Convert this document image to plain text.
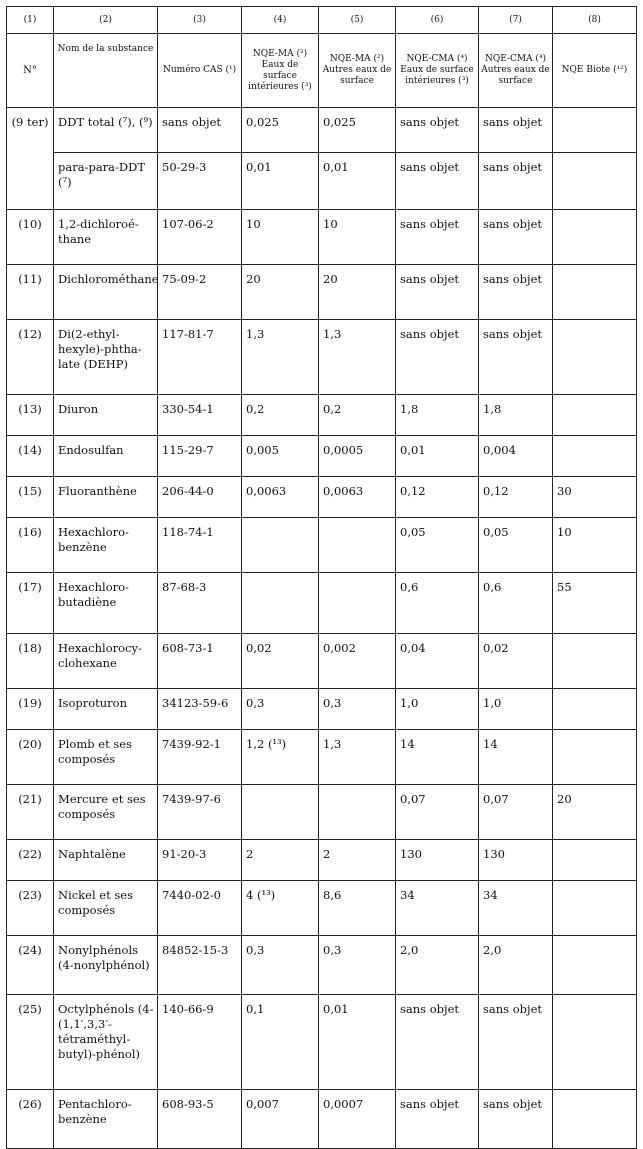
(1)	(2)	(3)	(4)	(5)	(6)	(7)	(8)
N°	Nom de la substance	Numéro CAS (¹)	NQE-MA (²) Eaux de surface intérieures (³)	NQE-MA (²) Autres eaux de surface	NQE-CMA (⁴) Eaux de surface intérieures (³)	NQE-CMA (⁴) Autres eaux de surface	NQE Biote (¹²)
(9 ter)	DDT total (⁷), (⁹)	sans objet	0,025	0,025	sans objet	sans objet	
	para-para-DDT (⁷)	50-29-3	0,01	0,01	sans objet	sans objet	
(10)	1,2-dichloroé-thane	107-06-2	10	10	sans objet	sans objet	
(11)	Dichlorométhane	75-09-2	20	20	sans objet	sans objet	
(12)	Di(2-ethyl-hexyle)-phtha-late (DEHP)	117-81-7	1,3	1,3	sans objet	sans objet	
(13)	Diuron	330-54-1	0,2	0,2	1,8	1,8	
(14)	Endosulfan	115-29-7	0,005	0,0005	0,01	0,004	
(15)	Fluoranthène	206-44-0	0,0063	0,0063	0,12	0,12	30
(16)	Hexachloro-benzène	118-74-1			0,05	0,05	10
(17)	Hexachloro-butadiène	87-68-3			0,6	0,6	55
(18)	Hexachlorocy-clohexane	608-73-1	0,02	0,002	0,04	0,02	
(19)	Isoproturon	34123-59-6	0,3	0,3	1,0	1,0	
(20)	Plomb et ses composés	7439-92-1	1,2 (¹³)	1,3	14	14	
(21)	Mercure et ses composés	7439-97-6			0,07	0,07	20
(22)	Naphtalène	91-20-3	2	2	130	130	
(23)	Nickel et ses composés	7440-02-0	4 (¹³)	8,6	34	34	
(24)	Nonylphénols (4-nonylphénol)	84852-15-3	0,3	0,3	2,0	2,0	
(25)	Octylphénols (4-(1,1′,3,3′-tétraméthyl-butyl)-phénol)	140-66-9	0,1	0,01	sans objet	sans objet	
(26)	Pentachloro-benzène	608-93-5	0,007	0,0007	sans objet	sans objet	
